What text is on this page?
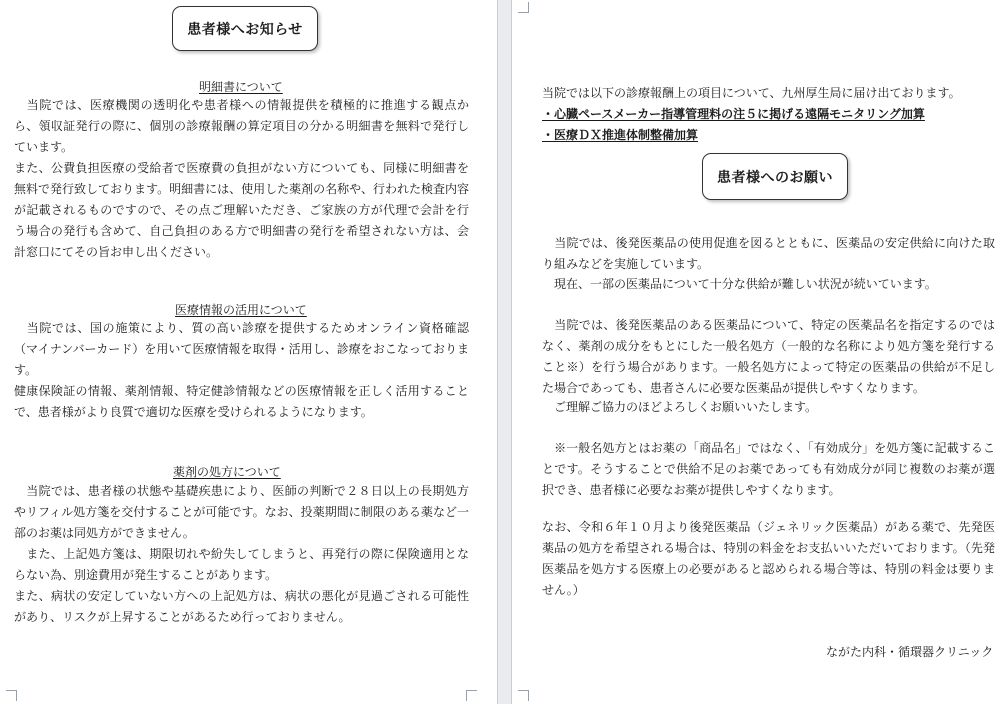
患者様へお知らせ
明細書について

　当院では、医療機関の透明化や患者様への情報提供を積極的に推進する観点から、領収証発行の際に、個別の診療報酬の算定項目の分かる明細書を無料で発行しています。

また、公費負担医療の受給者で医療費の負担がない方についても、同様に明細書を無料で発行致しております。明細書には、使用した薬剤の名称や、行われた検査内容が記載されるものですので、その点ご理解いただき、ご家族の方が代理で会計を行う場合の発行も含めて、自己負担のある方で明細書の発行を希望されない方は、会計窓口にてその旨お申し出ください。

医療情報の活用について

　当院では、国の施策により、質の高い診療を提供するためオンライン資格確認（マイナンバーカード）を用いて医療情報を取得・活用し、診療をおこなっております。

健康保険証の情報、薬剤情報、特定健診情報などの医療情報を正しく活用することで、患者様がより良質で適切な医療を受けられるようになります。

薬剤の処方について

　当院では、患者様の状態や基礎疾患により、医師の判断で２８日以上の長期処方やリフィル処方箋を交付することが可能です。なお、投薬期間に制限のある薬など一部のお薬は同処方ができません。

　また、上記処方箋は、期限切れや紛失してしまうと、再発行の際に保険適用とならない為、別途費用が発生することがあります。

また、病状の安定していない方への上記処方は、病状の悪化が見過ごされる可能性があり、リスクが上昇することがあるため行っておりません。

当院では以下の診療報酬上の項目について、九州厚生局に届け出ております。

・心臓ペースメーカー指導管理料の注５に掲げる遠隔モニタリング加算
・医療ＤＸ推進体制整備加算
患者様へのお願い

　当院では、後発医薬品の使用促進を図るとともに、医薬品の安定供給に向けた取り組みなどを実施しています。

　現在、一部の医薬品について十分な供給が難しい状況が続いています。

　当院では、後発医薬品のある医薬品について、特定の医薬品名を指定するのではなく、薬剤の成分をもとにした一般名処方（一般的な名称により処方箋を発行すること※）を行う場合があります。一般名処方によって特定の医薬品の供給が不足した場合であっても、患者さんに必要な医薬品が提供しやすくなります。

　ご理解ご協力のほどよろしくお願いいたします。

　※一般名処方とはお薬の「商品名」ではなく、「有効成分」を処方箋に記載することです。そうすることで供給不足のお薬であっても有効成分が同じ複数のお薬が選択でき、患者様に必要なお薬が提供しやすくなります。

なお、令和６年１０月より後発医薬品（ジェネリック医薬品）がある薬で、先発医薬品の処方を希望される場合は、特別の料金をお支払いいただいております。（先発医薬品を処方する医療上の必要があると認められる場合等は、特別の料金は要りません。）

ながた内科・循環器クリニック
